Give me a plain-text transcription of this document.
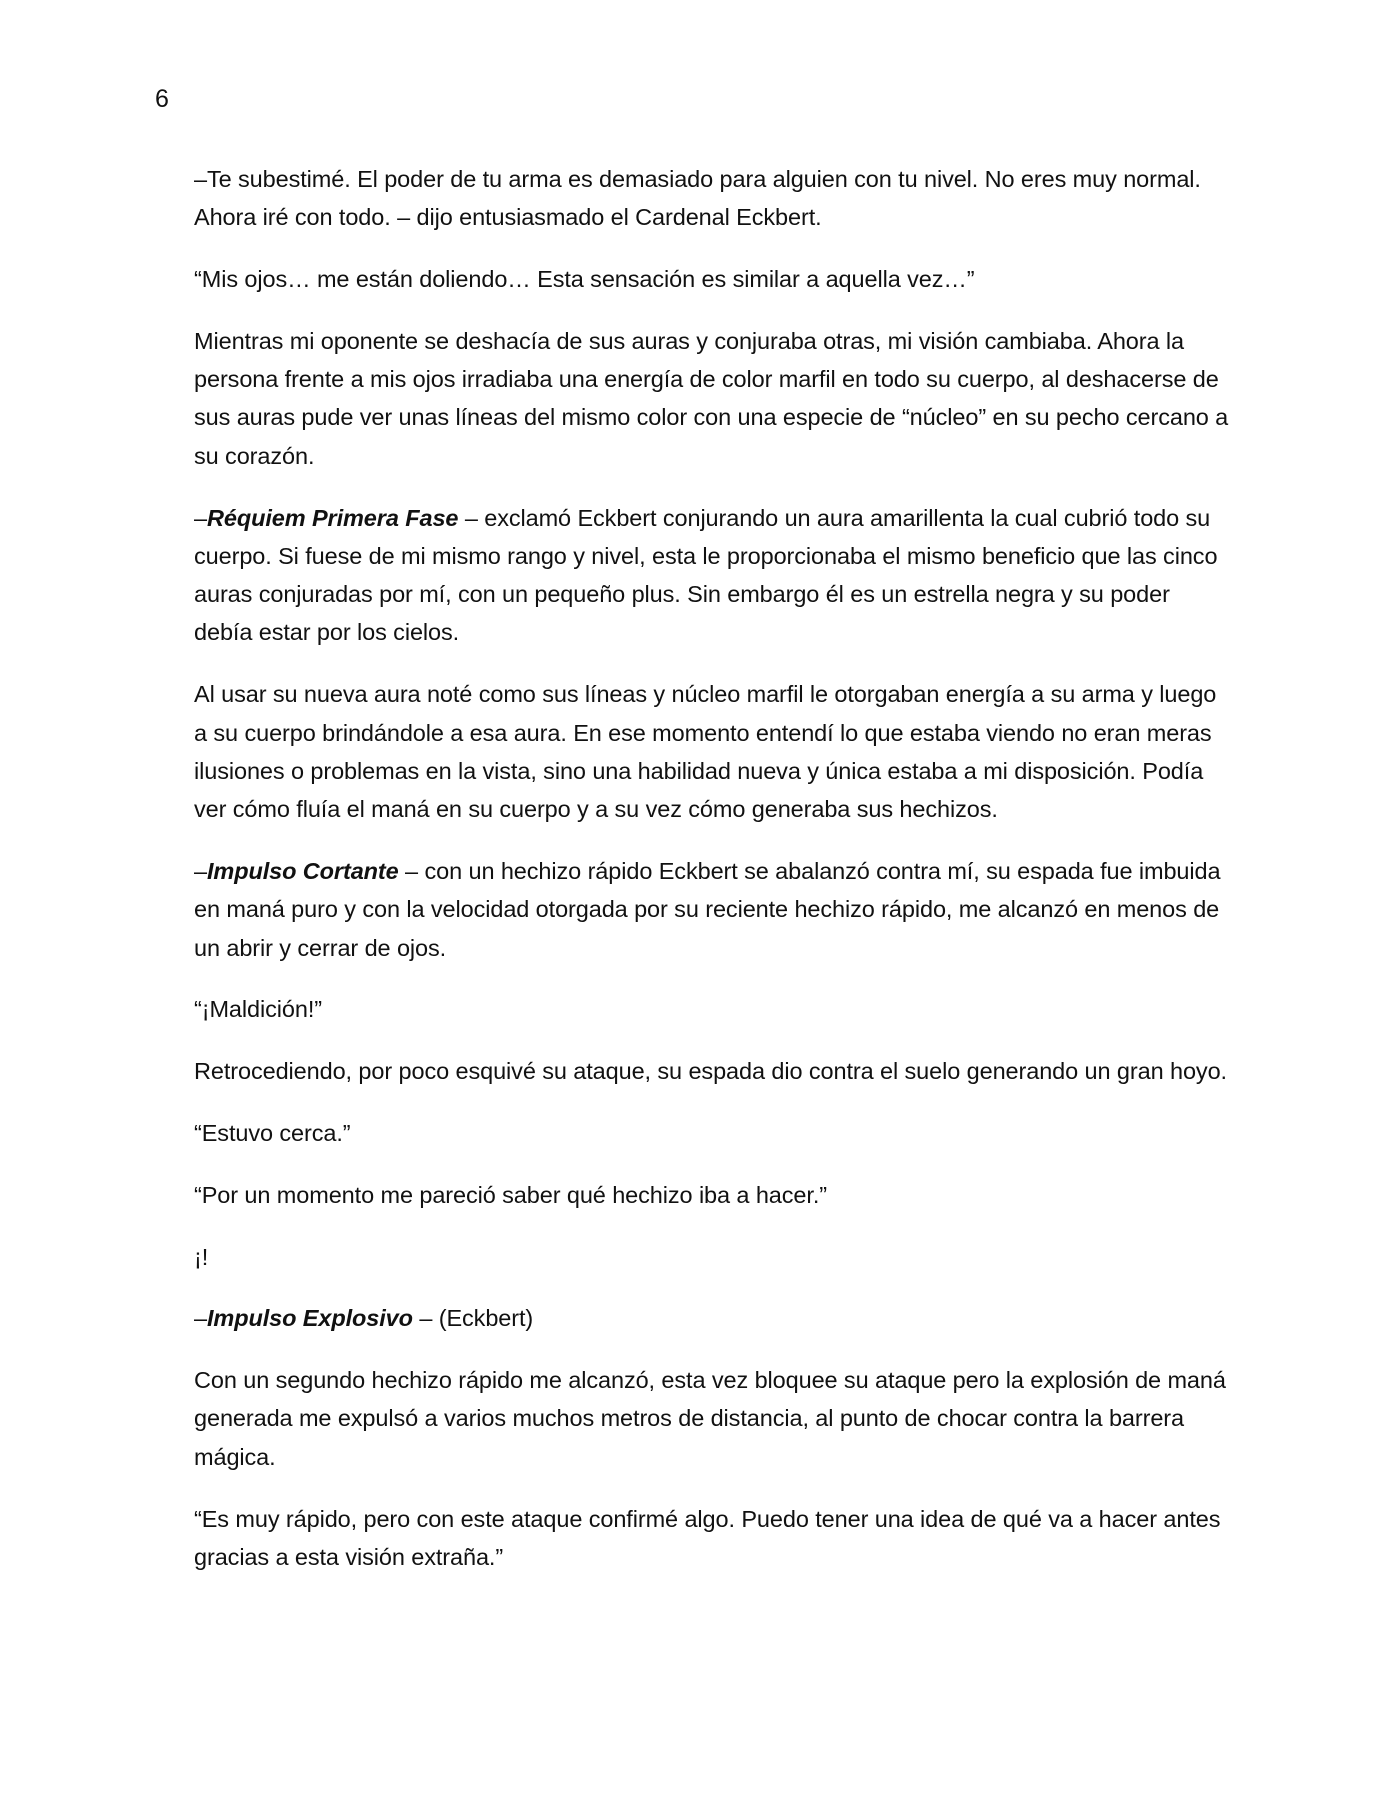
6

–Te subestimé. El poder de tu arma es demasiado para alguien con tu nivel. No eres muy normal. Ahora iré con todo. – dijo entusiasmado el Cardenal Eckbert.

“Mis ojos… me están doliendo… Esta sensación es similar a aquella vez…”

Mientras mi oponente se deshacía de sus auras y conjuraba otras, mi visión cambiaba. Ahora la persona frente a mis ojos irradiaba una energía de color marfil en todo su cuerpo, al deshacerse de sus auras pude ver unas líneas del mismo color con una especie de “núcleo” en su pecho cercano a su corazón.

–Réquiem Primera Fase – exclamó Eckbert conjurando un aura amarillenta la cual cubrió todo su cuerpo. Si fuese de mi mismo rango y nivel, esta le proporcionaba el mismo beneficio que las cinco auras conjuradas por mí, con un pequeño plus. Sin embargo él es un estrella negra y su poder debía estar por los cielos.

Al usar su nueva aura noté como sus líneas y núcleo marfil le otorgaban energía a su arma y luego a su cuerpo brindándole a esa aura. En ese momento entendí lo que estaba viendo no eran meras ilusiones o problemas en la vista, sino una habilidad nueva y única estaba a mi disposición. Podía ver cómo fluía el maná en su cuerpo y a su vez cómo generaba sus hechizos.

–Impulso Cortante – con un hechizo rápido Eckbert se abalanzó contra mí, su espada fue imbuida en maná puro y con la velocidad otorgada por su reciente hechizo rápido, me alcanzó en menos de un abrir y cerrar de ojos.

“¡Maldición!”

Retrocediendo, por poco esquivé su ataque, su espada dio contra el suelo generando un gran hoyo.

“Estuvo cerca.”

“Por un momento me pareció saber qué hechizo iba a hacer.”

¡!

–Impulso Explosivo – (Eckbert)

Con un segundo hechizo rápido me alcanzó, esta vez bloquee su ataque pero la explosión de maná generada me expulsó a varios muchos metros de distancia, al punto de chocar contra la barrera mágica.

“Es muy rápido, pero con este ataque confirmé algo. Puedo tener una idea de qué va a hacer antes gracias a esta visión extraña.”
